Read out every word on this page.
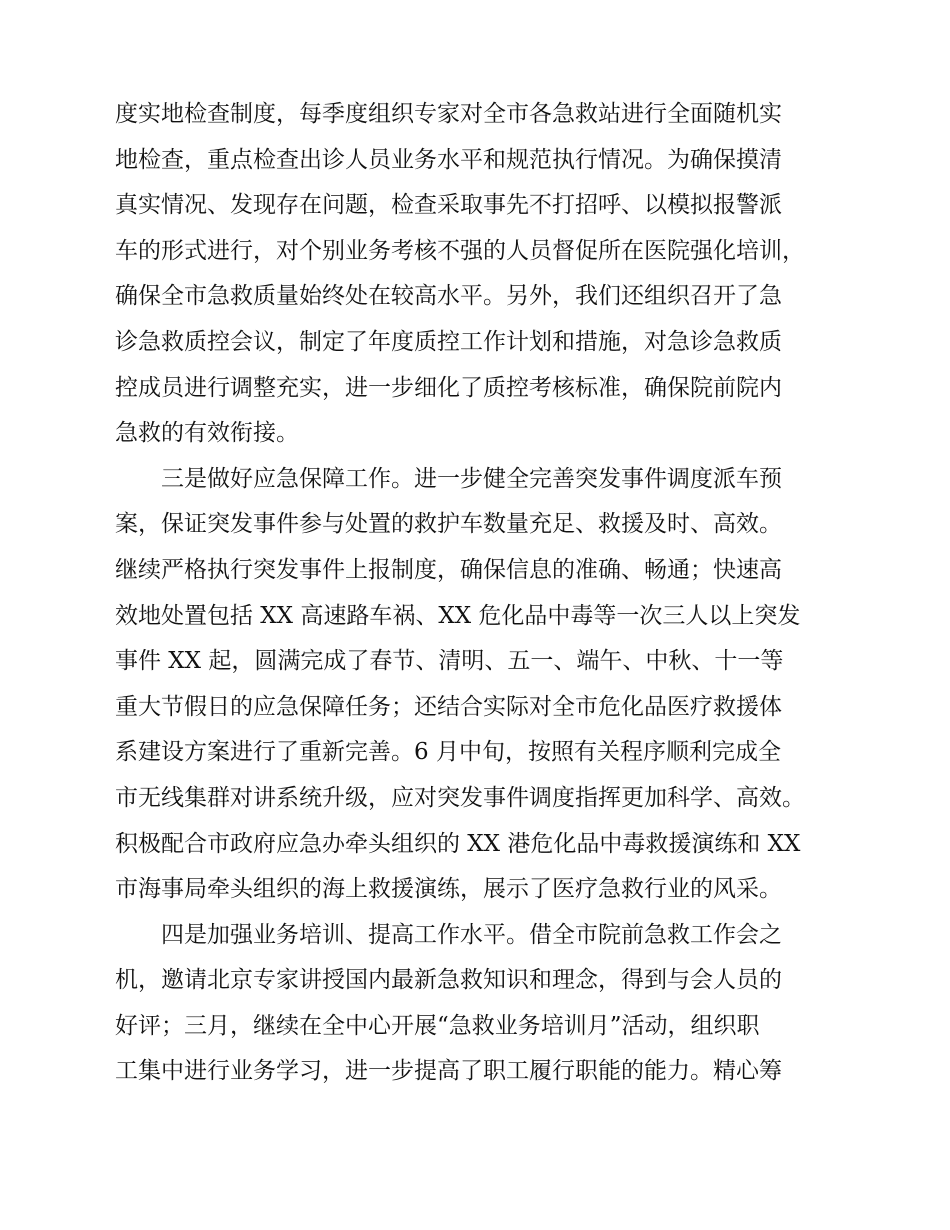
度实地检查制度，每季度组织专家对全市各急救站进行全面随机实
地检查，重点检查出诊人员业务水平和规范执行情况。为确保摸清
真实情况、发现存在问题，检查采取事先不打招呼、以模拟报警派
车的形式进行，对个别业务考核不强的人员督促所在医院强化培训，
确保全市急救质量始终处在较高水平。另外，我们还组织召开了急
诊急救质控会议，制定了年度质控工作计划和措施，对急诊急救质
控成员进行调整充实，进一步细化了质控考核标准，确保院前院内
急救的有效衔接。
三是做好应急保障工作。进一步健全完善突发事件调度派车预
案，保证突发事件参与处置的救护车数量充足、救援及时、高效。
继续严格执行突发事件上报制度，确保信息的准确、畅通；快速高
效地处置包括 XX 高速路车祸、XX 危化品中毒等一次三人以上突发
事件 XX 起，圆满完成了春节、清明、五一、端午、中秋、十一等
重大节假日的应急保障任务；还结合实际对全市危化品医疗救援体
系建设方案进行了重新完善。6 月中旬，按照有关程序顺利完成全
市无线集群对讲系统升级，应对突发事件调度指挥更加科学、高效。
积极配合市政府应急办牵头组织的 XX 港危化品中毒救援演练和 XX
市海事局牵头组织的海上救援演练，展示了医疗急救行业的风采。
四是加强业务培训、提高工作水平。借全市院前急救工作会之
机，邀请北京专家讲授国内最新急救知识和理念，得到与会人员的
好评；三月，继续在全中心开展“急救业务培训月”活动，组织职
工集中进行业务学习，进一步提高了职工履行职能的能力。精心筹
